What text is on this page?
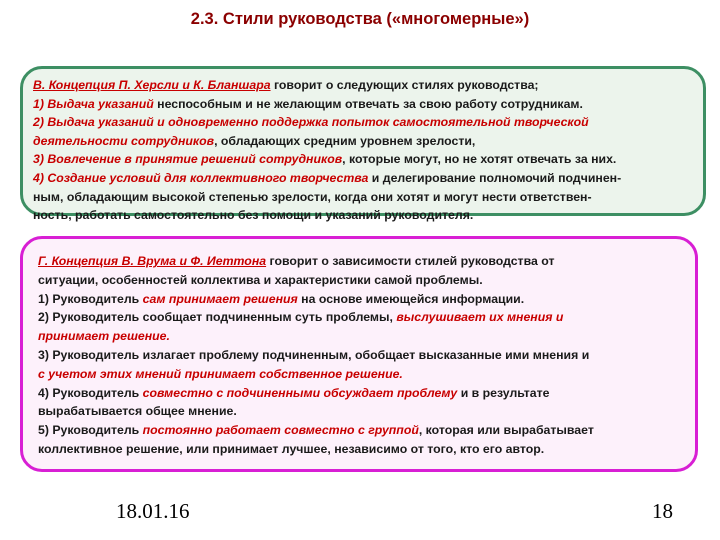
2.3. Стили руководства («многомерные»)

В. Концепция П. Херсли и К. Бланшара говорит о следующих стилях руководства;

1) Выдача указаний неспособным и не желающим отвечать за свою работу сотрудникам.

2) Выдача указаний и одновременно поддержка попыток самостоятельной творческой

деятельности сотрудников, обладающих средним уровнем зрелости,

3) Вовлечение в принятие решений сотрудников, которые могут, но не хотят отвечать за них.

4) Создание условий для коллективного творчества и делегирование полномочий подчинен-

ным, обладающим высокой степенью зрелости, когда они хотят и могут нести ответствен-

ность, работать самостоятельно без помощи и указаний руководителя.

Г. Концепция В. Врума и Ф. Иеттона говорит о зависимости стилей руководства от

ситуации, особенностей коллектива и характеристики самой проблемы.

1) Руководитель сам принимает решения на основе имеющейся информации.

2) Руководитель сообщает подчиненным суть проблемы, выслушивает их мнения и

принимает решение.

3) Руководитель излагает проблему подчиненным, обобщает высказанные ими мнения и

с учетом этих мнений принимает собственное решение.

4) Руководитель совместно с подчиненными обсуждает проблему и в результате

вырабатывается общее мнение.

5) Руководитель постоянно работает совместно с группой, которая или вырабатывает

коллективное решение, или принимает лучшее, независимо от того, кто его автор.

18.01.16	18
